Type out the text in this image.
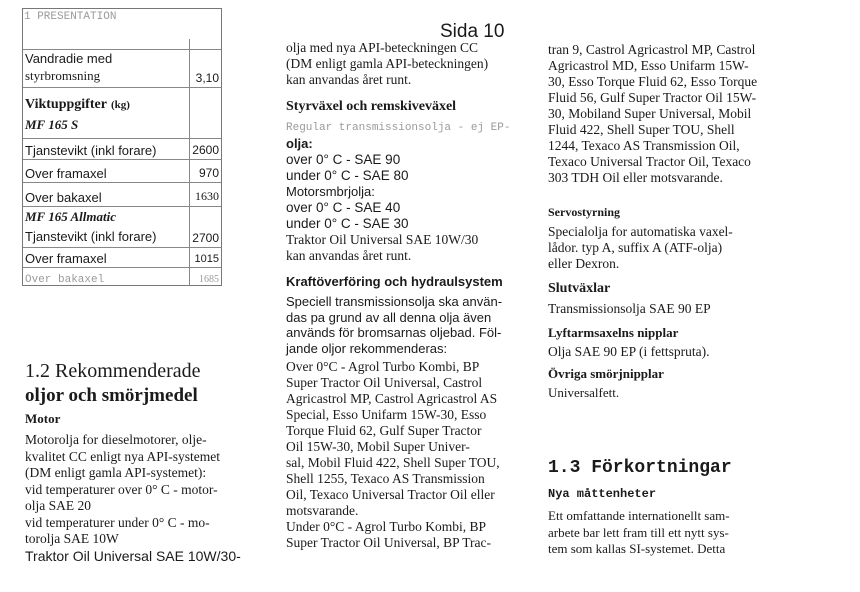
Sida 10
1 PRESENTATION
Vandradie med
styrbromsning	3,10
Viktuppgifter (kg)
MF 165 S
Tjanstevikt (inkl forare)	2600
Over framaxel	970
Over bakaxel	1630
MF 165 Allmatic
Tjanstevikt (inkl forare)	2700
Over framaxel	1015
Over bakaxel	1685
1.2 Rekommenderade
oljor och smörjmedel
Motor

Motorolja for dieselmotorer, olje-

kvalitet CC enligt nya API-systemet

(DM enligt gamla API-systemet):

vid temperaturer over 0° C - motor-

olja SAE 20

vid temperaturer under 0° C - mo-

torolja SAE 10W

Traktor Oil Universal SAE 10W/30-

olja med nya API-beteckningen CC

(DM enligt gamla API-beteckningen)

kan anvandas året runt.

Styrväxel och remskiveväxel

Regular transmissionsolja - ej EP-

olja:

over 0° C - SAE 90

under 0° C - SAE 80

Motorsmbrjolja:

over 0° C - SAE 40

under 0° C - SAE 30

Traktor Oil Universal SAE 10W/30

kan anvandas året runt.

Kraftöverföring och hydraulsystem

Speciell transmissionsolja ska använ-

das pa grund av all denna olja även

används för bromsarnas oljebad. Föl-

jande oljor rekommenderas:

Over 0°C - Agrol Turbo Kombi, BP

Super Tractor Oil Universal, Castrol

Agricastrol MP, Castrol Agricastrol AS

Special, Esso Unifarm 15W-30, Esso

Torque Fluid 62, Gulf Super Tractor

Oil 15W-30, Mobil Super Univer-

sal, Mobil Fluid 422, Shell Super TOU,

Shell 1255, Texaco AS Transmission

Oil, Texaco Universal Tractor Oil eller

motsvarande.

Under 0°C - Agrol Turbo Kombi, BP

Super Tractor Oil Universal, BP Trac-

tran 9, Castrol Agricastrol MP, Castrol

Agricastrol MD, Esso Unifarm 15W-

30, Esso Torque Fluid 62, Esso Torque

Fluid 56, Gulf Super Tractor Oil 15W-

30, Mobiland Super Universal, Mobil

Fluid 422, Shell Super TOU, Shell

1244, Texaco AS Transmission Oil,

Texaco Universal Tractor Oil, Texaco

303 TDH Oil eller motsvarande.

Servostyrning

Specialolja for automatiska vaxel-

lådor. typ A, suffix A (ATF-olja)

eller Dexron.

Slutväxlar

Transmissionsolja SAE 90 EP

Lyftarmsaxelns nipplar

Olja SAE 90 EP (i fettspruta).

Övriga smörjnipplar

Universalfett.

1.3 Förkortningar
Nya måttenheter

Ett omfattande internationellt sam-

arbete bar lett fram till ett nytt sys-

tem som kallas SI-systemet. Detta
